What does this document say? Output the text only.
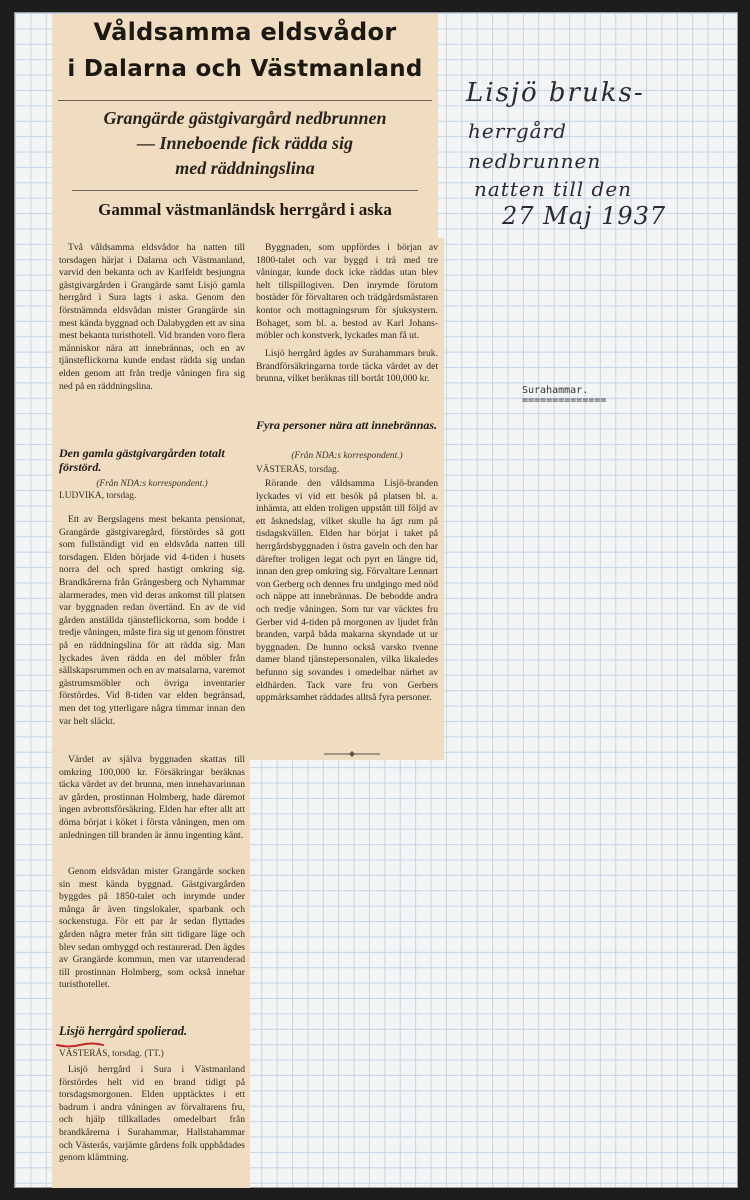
Våldsamma eldsvådor

i Dalarna och Västmanland

Grangärde gästgivargård nedbrunnen

— Inneboende fick rädda sig

med räddningslina

Gammal västmanländsk herrgård i aska

Två våldsamma eldsvådor ha natten till torsdagen härjat i Dalarna och Västmanland, varvid den bekanta och av Karlfeldt besjungna gästgivargården i Grangärde samt Lisjö gamla herrgård i Sura lagts i aska. Genom den förstnämnda eldsvådan mister Grangärde sin mest kända byggnad och Dalabygden ett av sina mest bekanta turisthotell. Vid branden voro flera människor nära att innebrännas, och en av tjänsteflickorna kunde endast rädda sig undan elden genom att från tredje våningen fira sig ned på en räddningslina.

Den gamla gästgivargården totalt förstörd.

(Från NDA:s korrespondent.)

LUDVIKA, torsdag.

Ett av Bergslagens mest bekanta pensionat, Grangärde gästgivaregård, förstördes så gott som fullständigt vid en eldsvåda natten till torsdagen. Elden började vid 4-tiden i husets norra del och spred hastigt omkring sig. Brandkårerna från Grängesberg och Nyhammar alarmerades, men vid deras ankomst till platsen var byggnaden redan övertänd. En av de vid gården anställda tjänsteflickorna, som bodde i tredje våningen, måste fira sig ut genom fönstret på en räddningslina för att rädda sig. Man lyckades även rädda en del möbler från sällskapsrummen och en av matsalarna, varemot gästrumsmöbler och övriga inventarier förstördes. Vid 8-tiden var elden begränsad, men det tog ytterligare några timmar innan den var helt släckt.

Värdet av själva byggnaden skattas till omkring 100,000 kr. Försäkringar beräknas täcka värdet av det brunna, men innehavarinnan av gården, prostinnan Holmberg, hade däremot ingen avbrottsförsäkring. Elden har efter allt att döma börjat i köket i första våningen, men om anledningen till branden är ännu ingenting känt.

Genom eldsvådan mister Grangärde socken sin mest kända byggnad. Gästgivargården byggdes på 1850-talet och inrymde under många år även tingslokaler, sparbank och sockenstuga. För ett par år sedan flyttades gården några meter från sitt tidigare läge och blev sedan ombyggd och restaurerad. Den ägdes av Grangärde kommun, men var utarrenderad till prostinnan Holmberg, som också innehar turisthotellet.

Lisjö herrgård spolierad.

VÄSTERÅS, torsdag. (TT.)

Lisjö herrgård i Sura i Västmanland förstördes helt vid en brand tidigt på torsdagsmorgonen. Elden upptäcktes i ett badrum i andra våningen av förvaltarens fru, och hjälp tillkallades omedelbart från brandkårerna i Surahammar, Hallstahammar och Västerås, varjämte gårdens folk uppbådades genom klämtning.

Byggnaden, som uppfördes i början av 1800-talet och var byggd i trä med tre våningar, kunde dock icke räddas utan blev helt tillspillogiven. Den inrymde förutom bostäder för förvaltaren och trädgårdsmästaren kontor och mottagningsrum för sjuksystern. Bohaget, som bl. a. bestod av Karl Johans-möbler och konstverk, lyckades man få ut.

Lisjö herrgård ägdes av Surahammars bruk. Brandförsäkringarna torde täcka värdet av det brunna, vilket beräknas till bortåt 100,000 kr.

Fyra personer nära att innebrännas.

(Från NDA:s korrespondent.)

VÄSTERÅS, torsdag.

Rörande den våldsamma Lisjö-branden lyckades vi vid ett besök på platsen bl. a. inhämta, att elden troligen uppstått till följd av ett åsknedslag, vilket skulle ha ägt rum på tisdagskvällen. Elden har börjat i taket på herrgårdsbyggnaden i östra gaveln och den har därefter troligen legat och pyrt en längre tid, innan den grep omkring sig. Förvaltare Lennart von Gerberg och dennes fru undgingo med nöd och näppe att innebrännas. De bebodde andra och tredje våningen. Som tur var väcktes fru Gerber vid 4-tiden på morgonen av ljudet från branden, varpå båda makarna skyndade ut ur byggnaden. De hunno också varsko tvenne damer bland tjänstepersonalen, vilka likaledes befunno sig sovandes i omedelbar närhet av eldhärden. Tack vare fru von Gerbers uppmärksamhet räddades alltså fyra personer.

Lisjö bruks-

herrgård

nedbrunnen

natten till den

27 Maj 1937

Surahammar.

==============
